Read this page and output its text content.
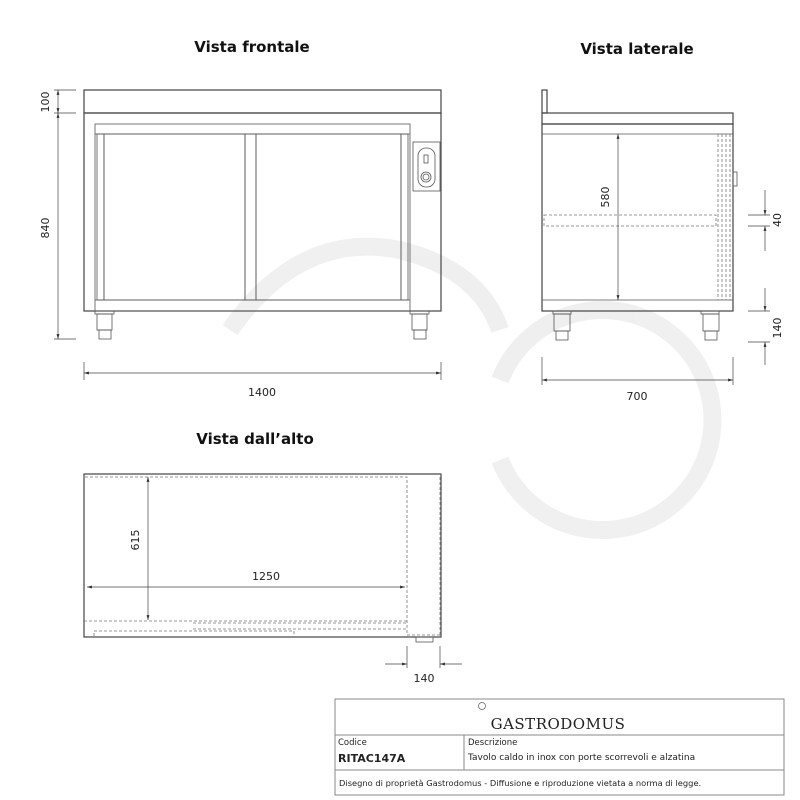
Vista frontale
100
840
1400
Vista laterale
580
40
140
700
Vista dall’alto
615
1250
140
GASTRODOMUS
Codice
RITAC147A
Descrizione
Tavolo caldo in inox con porte scorrevoli e alzatina
Disegno di proprietà Gastrodomus - Diffusione e riproduzione vietata a norma di legge.
